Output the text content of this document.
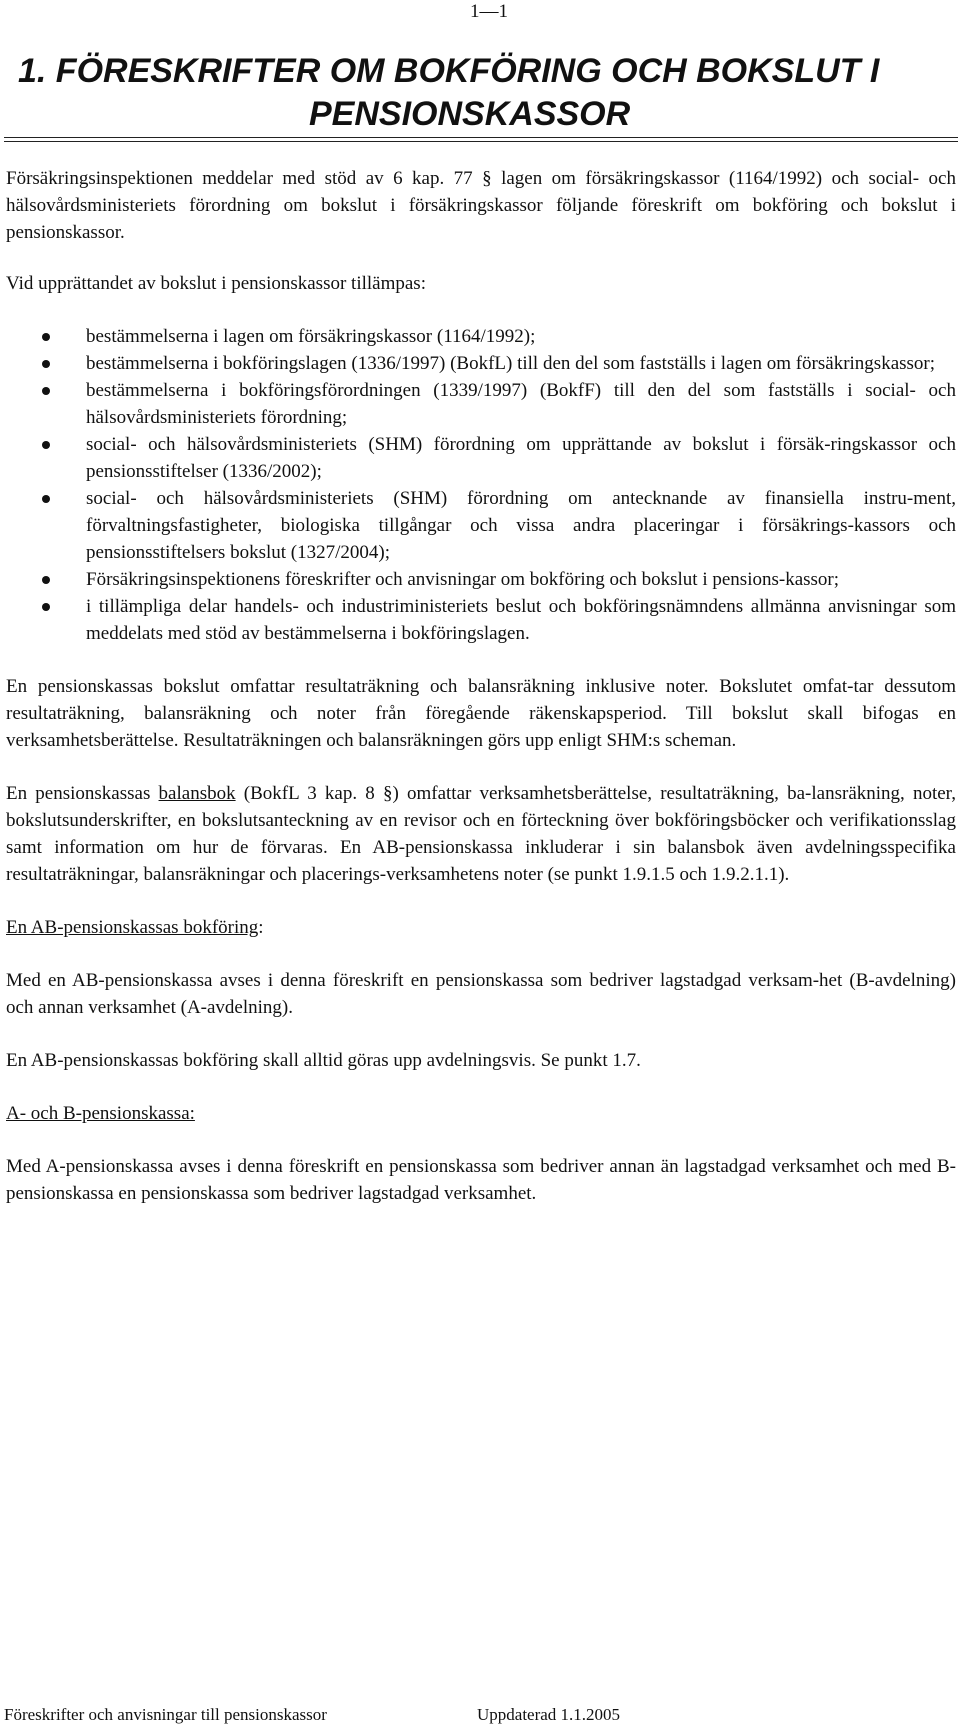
1—1
1. FÖRESKRIFTER OM BOKFÖRING OCH BOKSLUT I

PENSIONSKASSOR

Försäkringsinspektionen meddelar med stöd av 6 kap. 77 § lagen om försäkringskassor (1164/1992) och social- och hälsovårdsministeriets förordning om bokslut i försäkringskassor följande föreskrift om bokföring och bokslut i pensionskassor.

Vid upprättandet av bokslut i pensionskassor tillämpas:

bestämmelserna i lagen om försäkringskassor (1164/1992);
bestämmelserna i bokföringslagen (1336/1997) (BokfL) till den del som fastställs i lagen om försäkringskassor;
bestämmelserna i bokföringsförordningen (1339/1997) (BokfF) till den del som fastställs i social- och hälsovårdsministeriets förordning;
social- och hälsovårdsministeriets (SHM) förordning om upprättande av bokslut i försäk-ringskassor och pensionsstiftelser (1336/2002);
social- och hälsovårdsministeriets (SHM) förordning om antecknande av finansiella instru-ment, förvaltningsfastigheter, biologiska tillgångar och vissa andra placeringar i försäkrings-kassors och pensionsstiftelsers bokslut (1327/2004);
Försäkringsinspektionens föreskrifter och anvisningar om bokföring och bokslut i pensions-kassor;
i tillämpliga delar handels- och industriministeriets beslut och bokföringsnämndens allmänna anvisningar som meddelats med stöd av bestämmelserna i bokföringslagen.

En pensionskassas bokslut omfattar resultaträkning och balansräkning inklusive noter. Bokslutet omfat-tar dessutom resultaträkning, balansräkning och noter från föregående räkenskapsperiod. Till bokslut skall bifogas en verksamhetsberättelse. Resultaträkningen och balansräkningen görs upp enligt SHM:s scheman.

En pensionskassas balansbok (BokfL 3 kap. 8 §) omfattar verksamhetsberättelse, resultaträkning, ba-lansräkning, noter, bokslutsunderskrifter, en bokslutsanteckning av en revisor och en förteckning över bokföringsböcker och verifikationsslag samt information om hur de förvaras. En AB-pensionskassa inkluderar i sin balansbok även avdelningsspecifika resultaträkningar, balansräkningar och placerings-verksamhetens noter (se punkt 1.9.1.5 och 1.9.2.1.1).

En AB-pensionskassas bokföring:

Med en AB-pensionskassa avses i denna föreskrift en pensionskassa som bedriver lagstadgad verksam-het (B-avdelning) och annan verksamhet (A-avdelning).

En AB-pensionskassas bokföring skall alltid göras upp avdelningsvis. Se punkt 1.7.

A- och B-pensionskassa:

Med A-pensionskassa avses i denna föreskrift en pensionskassa som bedriver annan än lagstadgad verksamhet och med B-pensionskassa en pensionskassa som bedriver lagstadgad verksamhet.

Föreskrifter och anvisningar till pensionskassor	Uppdaterad 1.1.2005
